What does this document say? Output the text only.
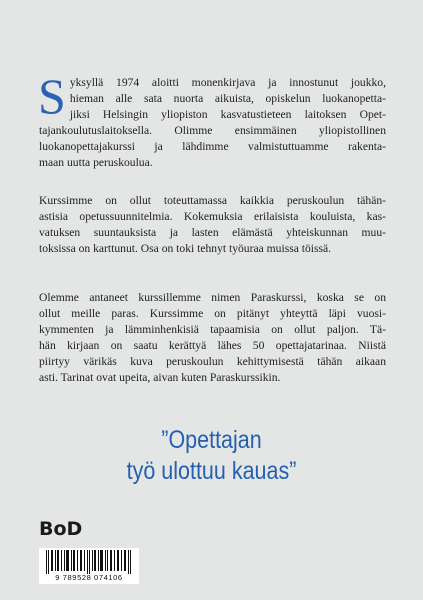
S yksyllä 1974 aloitti monenkirjava ja innostunut joukko,
hieman alle sata nuorta aikuista, opiskelun luokanopetta-
jiksi Helsingin yliopiston kasvatustieteen laitoksen Opet-
tajankoulutuslaitoksella. Olimme ensimmäinen yliopistollinen
luokanopettajakurssi ja lähdimme valmistuttuamme rakenta-
maan uutta peruskoulua.
Kurssimme on ollut toteuttamassa kaikkia peruskoulun tähän-
astisia opetussuunnitelmia. Kokemuksia erilaisista kouluista, kas-
vatuksen suuntauksista ja lasten elämästä yhteiskunnan muu-
toksissa on karttunut. Osa on toki tehnyt työuraa muissa töissä.
Olemme antaneet kurssillemme nimen Paraskurssi, koska se on
ollut meille paras. Kurssimme on pitänyt yhteyttä läpi vuosi-
kymmenten ja lämminhenkisiä tapaamisia on ollut paljon. Tä-
hän kirjaan on saatu kerättyä lähes 50 opettajatarinaa. Niistä
piirtyy värikäs kuva peruskoulun kehittymisestä tähän aikaan
asti. Tarinat ovat upeita, aivan kuten Paraskurssikin.
”Opettajan
työ ulottuu kauas”
BoD
9 789528 074106
